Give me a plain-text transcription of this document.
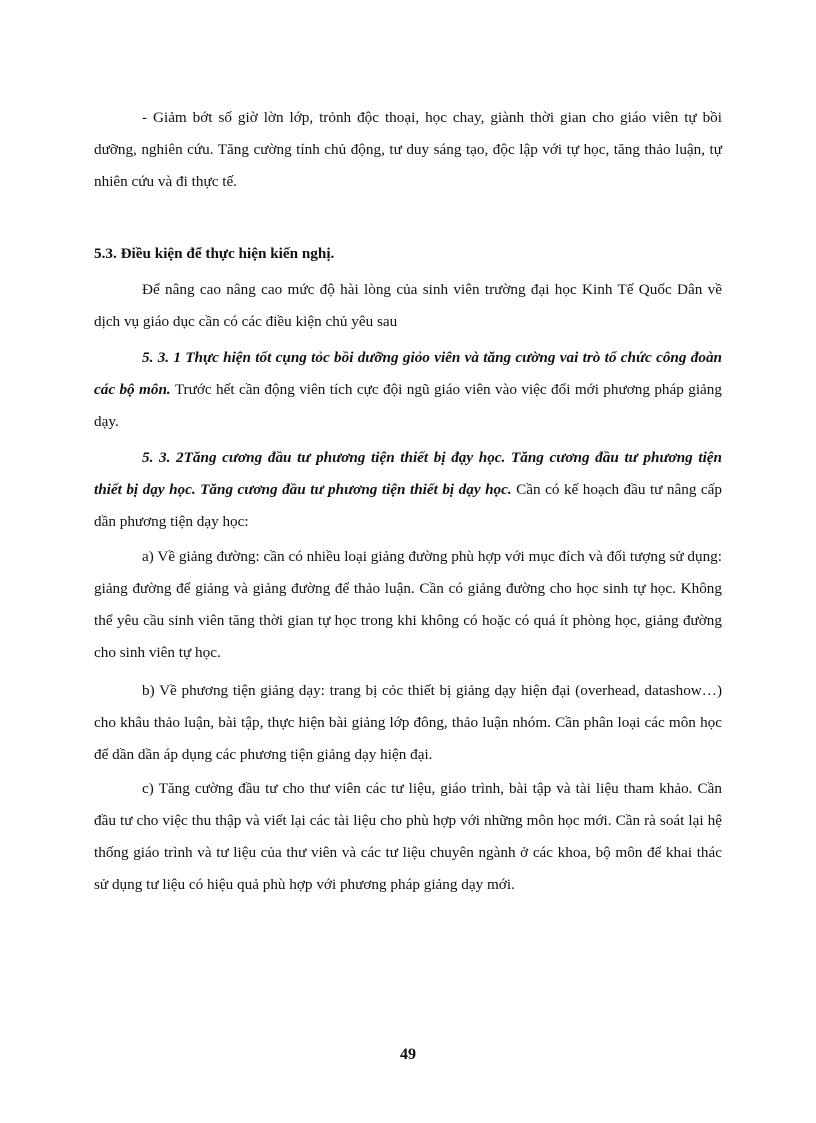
- Giảm bớt số giờ lờn lớp, trỏnh độc thoại, học chay, giành thời gian cho giáo viên tự bồi dưỡng, nghiên cứu. Tăng cường tính chủ động, tư duy sáng tạo, độc lập với tự học, tăng thảo luận, tự nhiên cứu và đi thực tế.

5.3. Điều kiện để thực hiện kiến nghị.

Để nâng cao nâng cao mức độ hài lòng của sinh viên trường đại học Kinh Tế Quốc Dân về dịch vụ giáo dục cần có các điều kiện chủ yêu sau

5. 3. 1 Thực hiện tốt cụng tỏc bồi dưỡng giỏo viên và tăng cường vai trò tổ chức công đoàn các bộ môn. Trước hết cần động viên tích cực đội ngũ giáo viên vào việc đổi mới phương pháp giảng dạy.

5. 3. 2Tăng cương đầu tư phương tiện thiết bị đạy học. Tăng cương đầu tư phương tiện thiết bị dạy học. Tăng cương đầu tư phương tiện thiết bị dạy học. Cần có kế hoạch đầu tư nâng cấp dần phương tiện dạy học:

a) Về giảng đường: cần có nhiều loại giảng đường phù hợp với mục đích và đối tượng sử dụng: giảng đường để giảng và giảng đường để thảo luận. Cần có giảng đường cho học sinh tự học. Không thể yêu cầu sinh viên tăng thời gian tự học trong khi không có hoặc có quá ít phòng học, giảng đường cho sinh viên tự học.

b) Về phương tiện giảng dạy: trang bị cỏc thiết bị giảng dạy hiện đại (overhead, datashow…) cho khâu thảo luận, bài tập, thực hiện bài giảng lớp đông, thảo luận nhóm. Cần phân loại các môn học để dần dần áp dụng các phương tiện giảng dạy hiện đại.

c) Tăng cường đầu tư cho thư viên các tư liệu, giáo trình, bài tập và tài liệu tham khảo. Cần đầu tư cho việc thu thập và viết lại các tài liệu cho phù hợp với những môn học mới. Cần rà soát lại hệ thống giáo trình và tư liệu của thư viên và các tư liệu chuyên ngành ở các khoa, bộ môn để khai thác sử dụng tư liệu có hiệu quả phù hợp với phương pháp giảng dạy mới.

49
